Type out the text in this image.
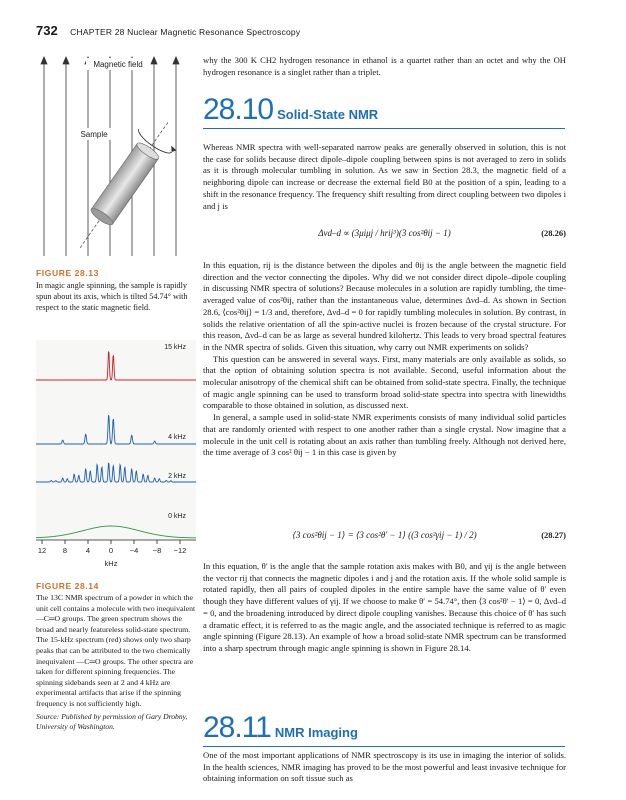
732 CHAPTER 28 Nuclear Magnetic Resonance Spectroscopy
Magnetic field
Sample
FIGURE 28.13
In magic angle spinning, the sample is rapidly spun about its axis, which is tilted 54.74° with respect to the static magnetic field.
15 kHz
4 kHz
2 kHz
0 kHz
12 8	4	0 −4 −8 −12
kHz
FIGURE 28.14
The 13C NMR spectrum of a powder in which the unit cell contains a molecule with two inequivalent —C═O groups. The green spectrum shows the broad and nearly featureless solid-state spectrum. The 15-kHz spectrum (red) shows only two sharp peaks that can be attributed to the two chemically inequivalent —C═O groups. The other spectra are taken for different spinning frequencies. The spinning sidebands seen at 2 and 4 kHz are experimental artifacts that arise if the spinning frequency is not sufficiently high.
Source: Published by permission of Gary Drobny, University of Washington.

why the 300 K CH2 hydrogen resonance in ethanol is a quartet rather than an octet and why the OH hydrogen resonance is a singlet rather than a triplet.

28.10 Solid-State NMR

Whereas NMR spectra with well-separated narrow peaks are generally observed in solution, this is not the case for solids because direct dipole–dipole coupling between spins is not averaged to zero in solids as it is through molecular tumbling in solution. As we saw in Section 28.3, the magnetic field of a neighboring dipole can increase or decrease the external field B0 at the position of a spin, leading to a shift in the resonance frequency. The frequency shift resulting from direct coupling between two dipoles i and j is

Δνd–d ∝ (3μiμj / hrij³)(3 cos²θij − 1)	(28.26)

In this equation, rij is the distance between the dipoles and θij is the angle between the magnetic field direction and the vector connecting the dipoles. Why did we not consider direct dipole–dipole coupling in discussing NMR spectra of solutions? Because molecules in a solution are rapidly tumbling, the time-averaged value of cos²θij, rather than the instantaneous value, determines Δνd–d. As shown in Section 28.6, ⟨cos²θij⟩ = 1/3 and, therefore, Δνd–d = 0 for rapidly tumbling molecules in solution. By contrast, in solids the relative orientation of all the spin-active nuclei is frozen because of the crystal structure. For this reason, Δνd–d can be as large as several hundred kilohertz. This leads to very broad spectral features in the NMR spectra of solids. Given this situation, why carry out NMR experiments on solids?

This question can be answered in several ways. First, many materials are only available as solids, so that the option of obtaining solution spectra is not available. Second, useful information about the molecular anisotropy of the chemical shift can be obtained from solid-state spectra. Finally, the technique of magic angle spinning can be used to transform broad solid-state spectra into spectra with linewidths comparable to those obtained in solution, as discussed next.

In general, a sample used in solid-state NMR experiments consists of many individual solid particles that are randomly oriented with respect to one another rather than a single crystal. Now imagine that a molecule in the unit cell is rotating about an axis rather than tumbling freely. Although not derived here, the time average of 3 cos² θij − 1 in this case is given by

⟨3 cos²θij − 1⟩ = ⟨3 cos²θ′ − 1⟩ ((3 cos²γij − 1) / 2)	(28.27)

In this equation, θ′ is the angle that the sample rotation axis makes with B0, and γij is the angle between the vector rij that connects the magnetic dipoles i and j and the rotation axis. If the whole solid sample is rotated rapidly, then all pairs of coupled dipoles in the entire sample have the same value of θ′ even though they have different values of γij. If we choose to make θ′ = 54.74°, then ⟨3 cos²θ′ − 1⟩ = 0, Δνd–d = 0, and the broadening introduced by direct dipole coupling vanishes. Because this choice of θ′ has such a dramatic effect, it is referred to as the magic angle, and the associated technique is referred to as magic angle spinning (Figure 28.13). An example of how a broad solid-state NMR spectrum can be transformed into a sharp spectrum through magic angle spinning is shown in Figure 28.14.

28.11 NMR Imaging

One of the most important applications of NMR spectroscopy is its use in imaging the interior of solids. In the health sciences, NMR imaging has proved to be the most powerful and least invasive technique for obtaining information on soft tissue such as
